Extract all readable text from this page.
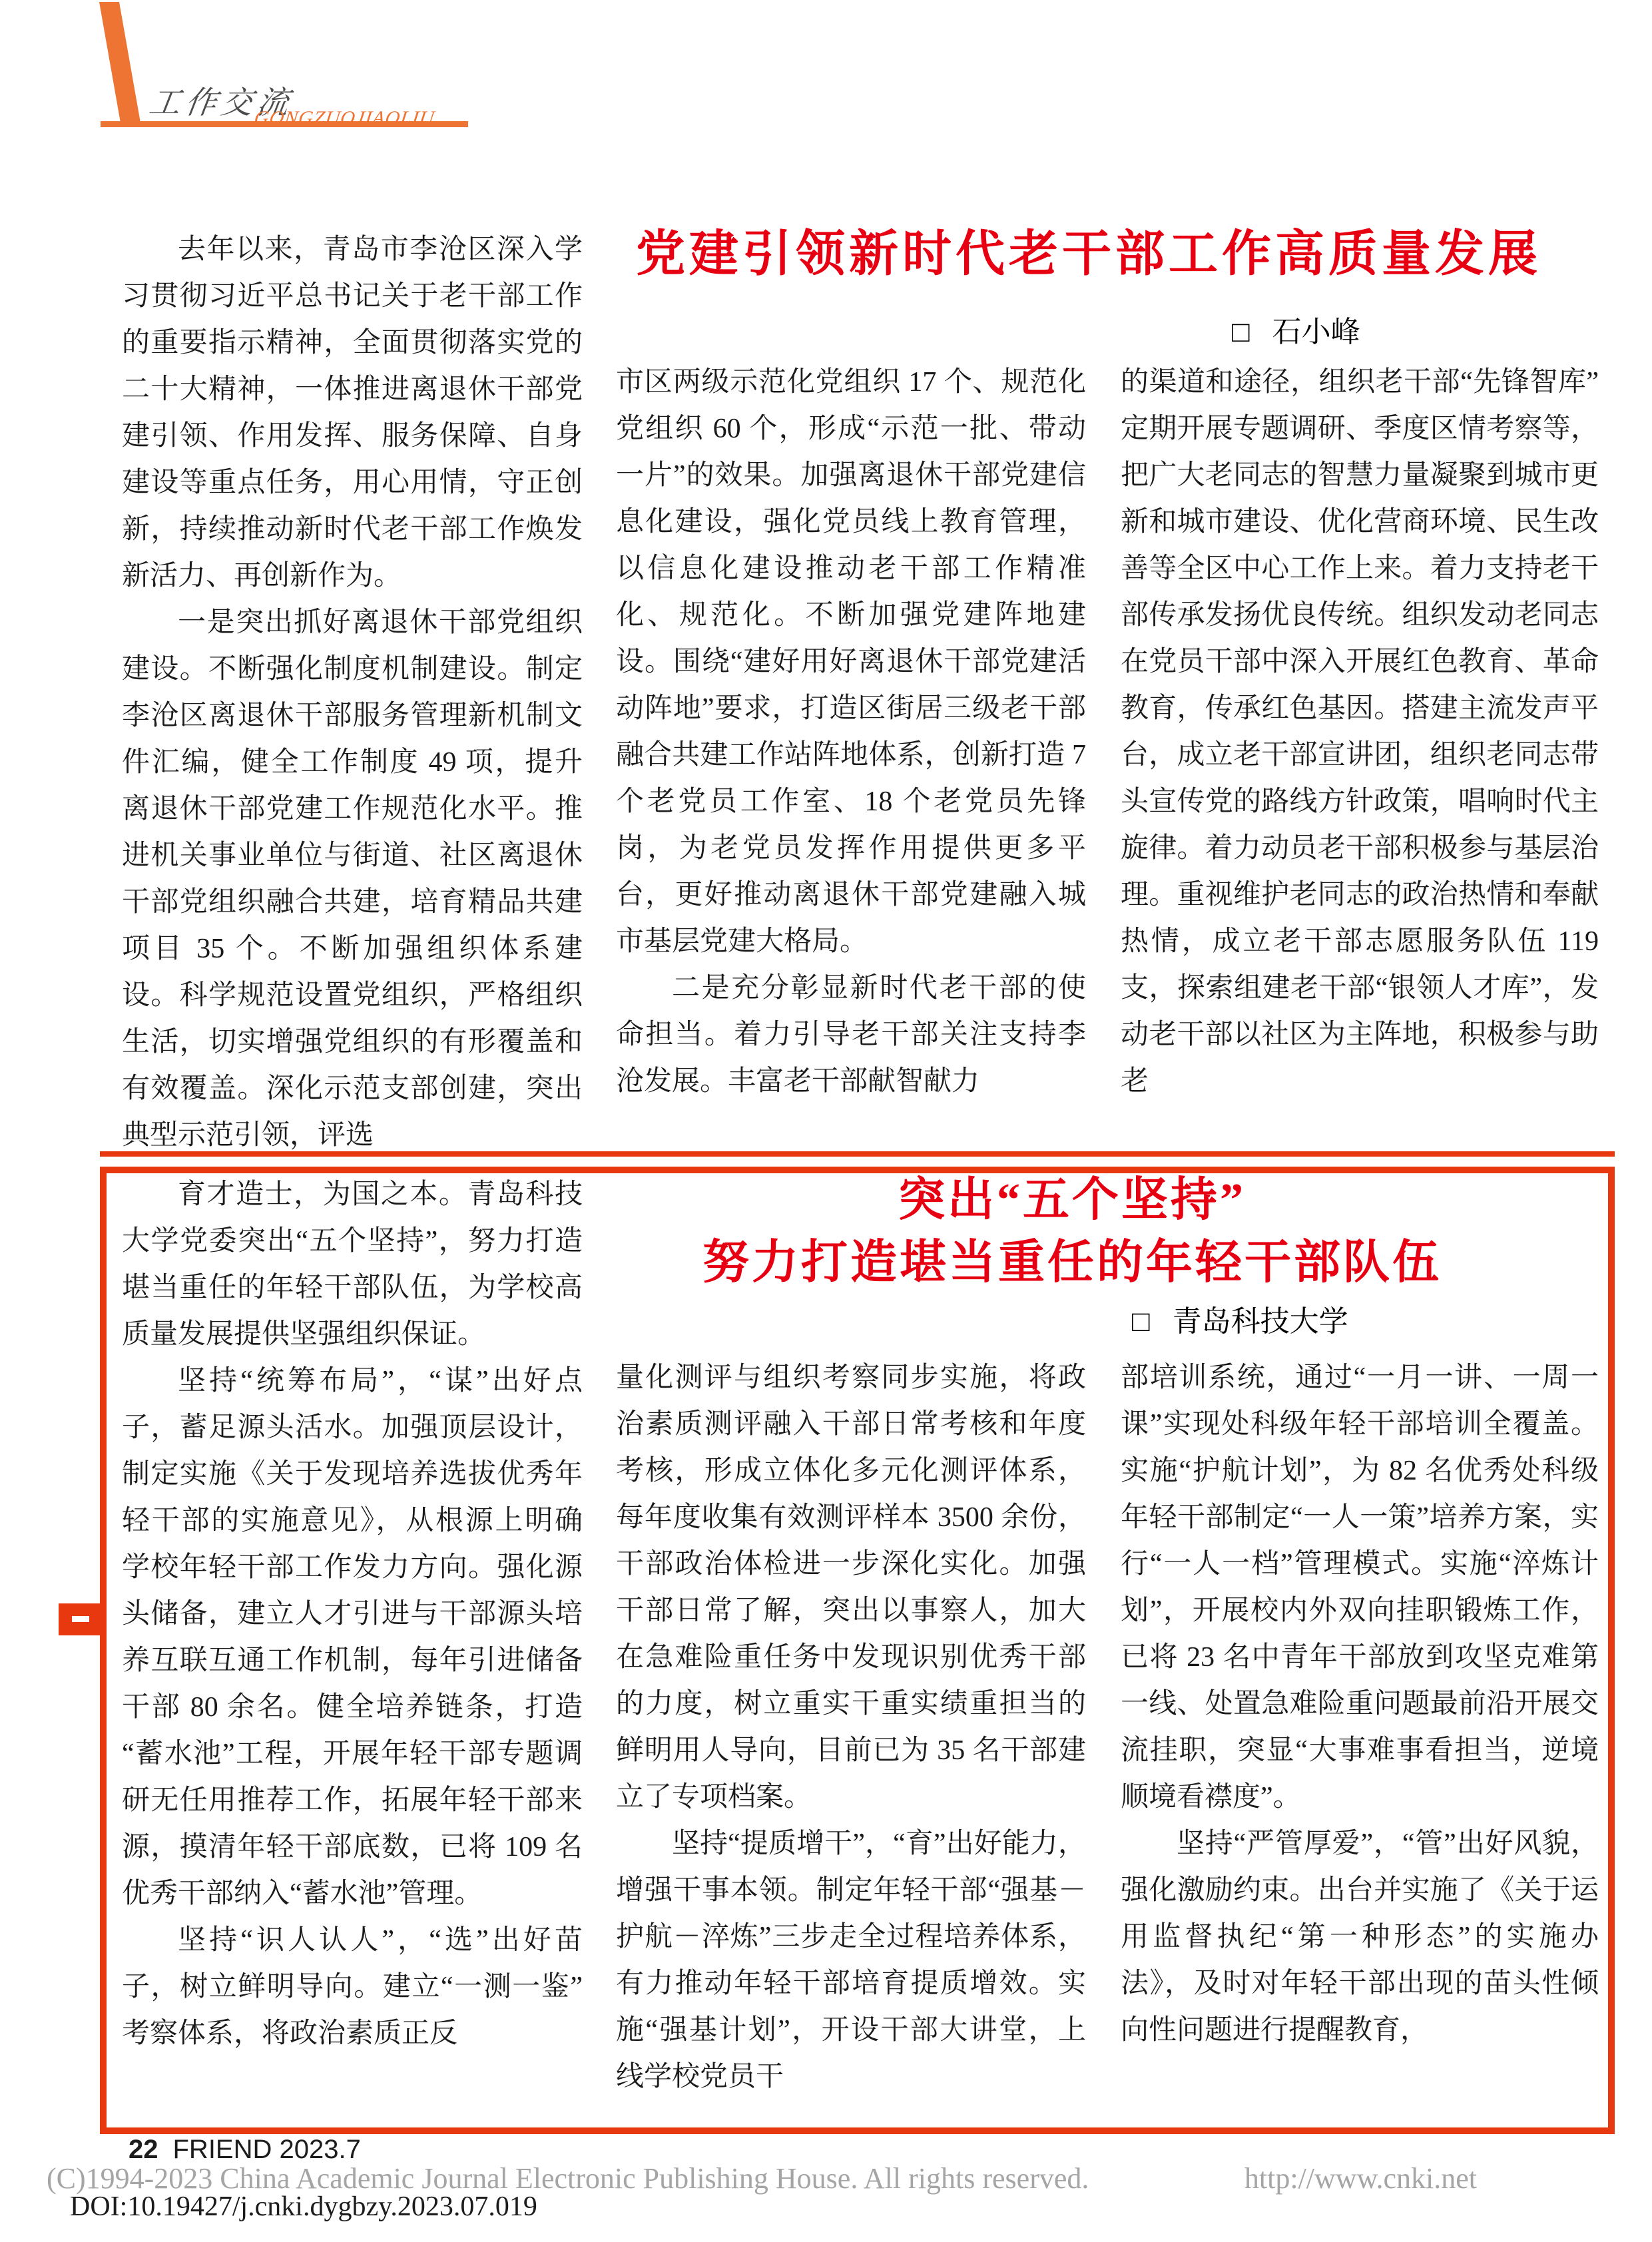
工作交流
GONGZUOJIAOLIU
党建引领新时代老干部工作高质量发展
□ 石小峰

去年以来，青岛市李沧区深入学习贯彻习近平总书记关于老干部工作的重要指示精神，全面贯彻落实党的二十大精神，一体推进离退休干部党建引领、作用发挥、服务保障、自身建设等重点任务，用心用情，守正创新，持续推动新时代老干部工作焕发新活力、再创新作为。

一是突出抓好离退休干部党组织建设。不断强化制度机制建设。制定李沧区离退休干部服务管理新机制文件汇编，健全工作制度 49 项，提升离退休干部党建工作规范化水平。推进机关事业单位与街道、社区离退休干部党组织融合共建，培育精品共建项目 35 个。不断加强组织体系建设。科学规范设置党组织，严格组织生活，切实增强党组织的有形覆盖和有效覆盖。深化示范支部创建，突出典型示范引领，评选

市区两级示范化党组织 17 个、规范化党组织 60 个，形成“示范一批、带动一片”的效果。加强离退休干部党建信息化建设，强化党员线上教育管理，以信息化建设推动老干部工作精准化、规范化。不断加强党建阵地建设。围绕“建好用好离退休干部党建活动阵地”要求，打造区街居三级老干部融合共建工作站阵地体系，创新打造 7 个老党员工作室、18 个老党员先锋岗，为老党员发挥作用提供更多平台，更好推动离退休干部党建融入城市基层党建大格局。

二是充分彰显新时代老干部的使命担当。着力引导老干部关注支持李沧发展。丰富老干部献智献力

的渠道和途径，组织老干部“先锋智库”定期开展专题调研、季度区情考察等，把广大老同志的智慧力量凝聚到城市更新和城市建设、优化营商环境、民生改善等全区中心工作上来。着力支持老干部传承发扬优良传统。组织发动老同志在党员干部中深入开展红色教育、革命教育，传承红色基因。搭建主流发声平台，成立老干部宣讲团，组织老同志带头宣传党的路线方针政策，唱响时代主旋律。着力动员老干部积极参与基层治理。重视维护老同志的政治热情和奉献热情，成立老干部志愿服务队伍 119 支，探索组建老干部“银领人才库”，发动老干部以社区为主阵地，积极参与助老

突出“五个坚持”
努力打造堪当重任的年轻干部队伍
□ 青岛科技大学

育才造士，为国之本。青岛科技大学党委突出“五个坚持”，努力打造堪当重任的年轻干部队伍，为学校高质量发展提供坚强组织保证。

坚持“统筹布局”，“谋”出好点子，蓄足源头活水。加强顶层设计，制定实施《关于发现培养选拔优秀年轻干部的实施意见》，从根源上明确学校年轻干部工作发力方向。强化源头储备，建立人才引进与干部源头培养互联互通工作机制，每年引进储备干部 80 余名。健全培养链条，打造“蓄水池”工程，开展年轻干部专题调研无任用推荐工作，拓展年轻干部来源，摸清年轻干部底数，已将 109 名优秀干部纳入“蓄水池”管理。

坚持“识人认人”，“选”出好苗子，树立鲜明导向。建立“一测一鉴”考察体系，将政治素质正反

量化测评与组织考察同步实施，将政治素质测评融入干部日常考核和年度考核，形成立体化多元化测评体系，每年度收集有效测评样本 3500 余份，干部政治体检进一步深化实化。加强干部日常了解，突出以事察人，加大在急难险重任务中发现识别优秀干部的力度，树立重实干重实绩重担当的鲜明用人导向，目前已为 35 名干部建立了专项档案。

坚持“提质增干”，“育”出好能力，增强干事本领。制定年轻干部“强基－护航－淬炼”三步走全过程培养体系，有力推动年轻干部培育提质增效。实施“强基计划”，开设干部大讲堂，上线学校党员干

部培训系统，通过“一月一讲、一周一课”实现处科级年轻干部培训全覆盖。实施“护航计划”，为 82 名优秀处科级年轻干部制定“一人一策”培养方案，实行“一人一档”管理模式。实施“淬炼计划”，开展校内外双向挂职锻炼工作，已将 23 名中青年干部放到攻坚克难第一线、处置急难险重问题最前沿开展交流挂职，突显“大事难事看担当，逆境顺境看襟度”。

坚持“严管厚爱”，“管”出好风貌，强化激励约束。出台并实施了《关于运用监督执纪“第一种形态”的实施办法》，及时对年轻干部出现的苗头性倾向性问题进行提醒教育，

22 FRIEND 2023.7
(C)1994-2023 China Academic Journal Electronic Publishing House. All rights reserved.	http://www.cnki.net
DOI:10.19427/j.cnki.dygbzy.2023.07.019
